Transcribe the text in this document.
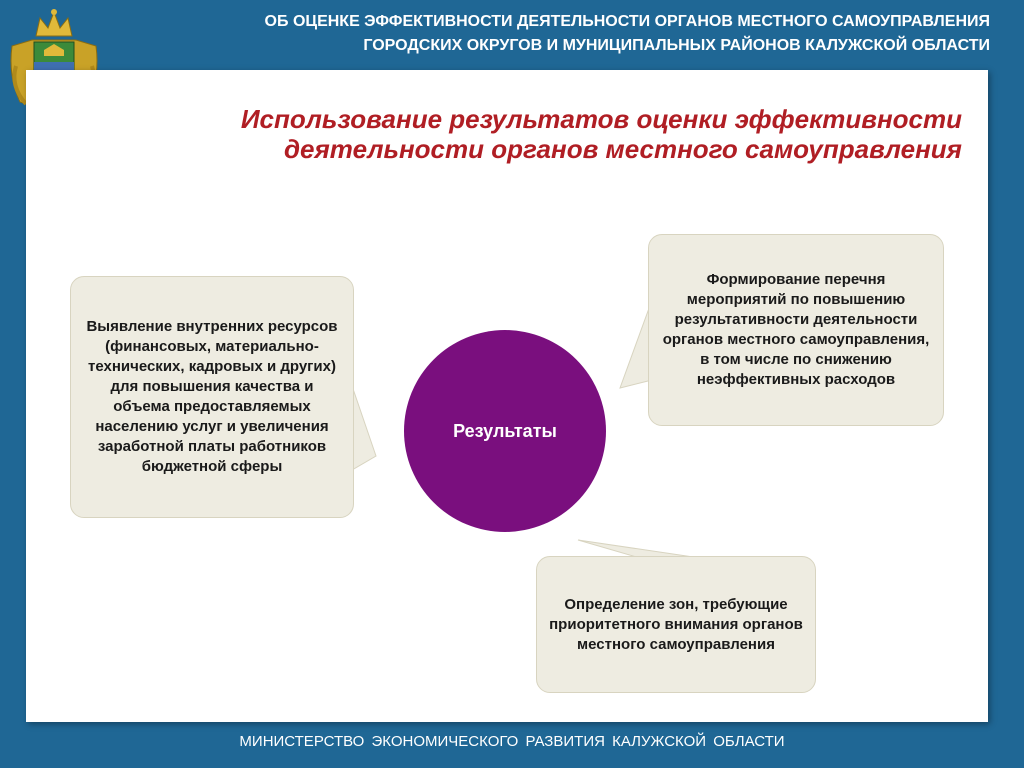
ОБ ОЦЕНКЕ ЭФФЕКТИВНОСТИ ДЕЯТЕЛЬНОСТИ ОРГАНОВ МЕСТНОГО САМОУПРАВЛЕНИЯ
ГОРОДСКИХ ОКРУГОВ И МУНИЦИПАЛЬНЫХ РАЙОНОВ КАЛУЖСКОЙ ОБЛАСТИ
Использование результатов оценки эффективности
деятельности органов местного самоуправления
Выявление внутренних ресурсов (финансовых, материально-технических, кадровых и других) для повышения качества и объема предоставляемых населению услуг и увеличения заработной платы работников бюджетной сферы
Формирование перечня мероприятий по повышению результативности деятельности органов местного самоуправления, в том числе по снижению неэффективных расходов
Определение зон, требующие приоритетного внимания органов местного самоуправления
Результаты
МИНИСТЕРСТВО ЭКОНОМИЧЕСКОГО РАЗВИТИЯ КАЛУЖСКОЙ ОБЛАСТИ
